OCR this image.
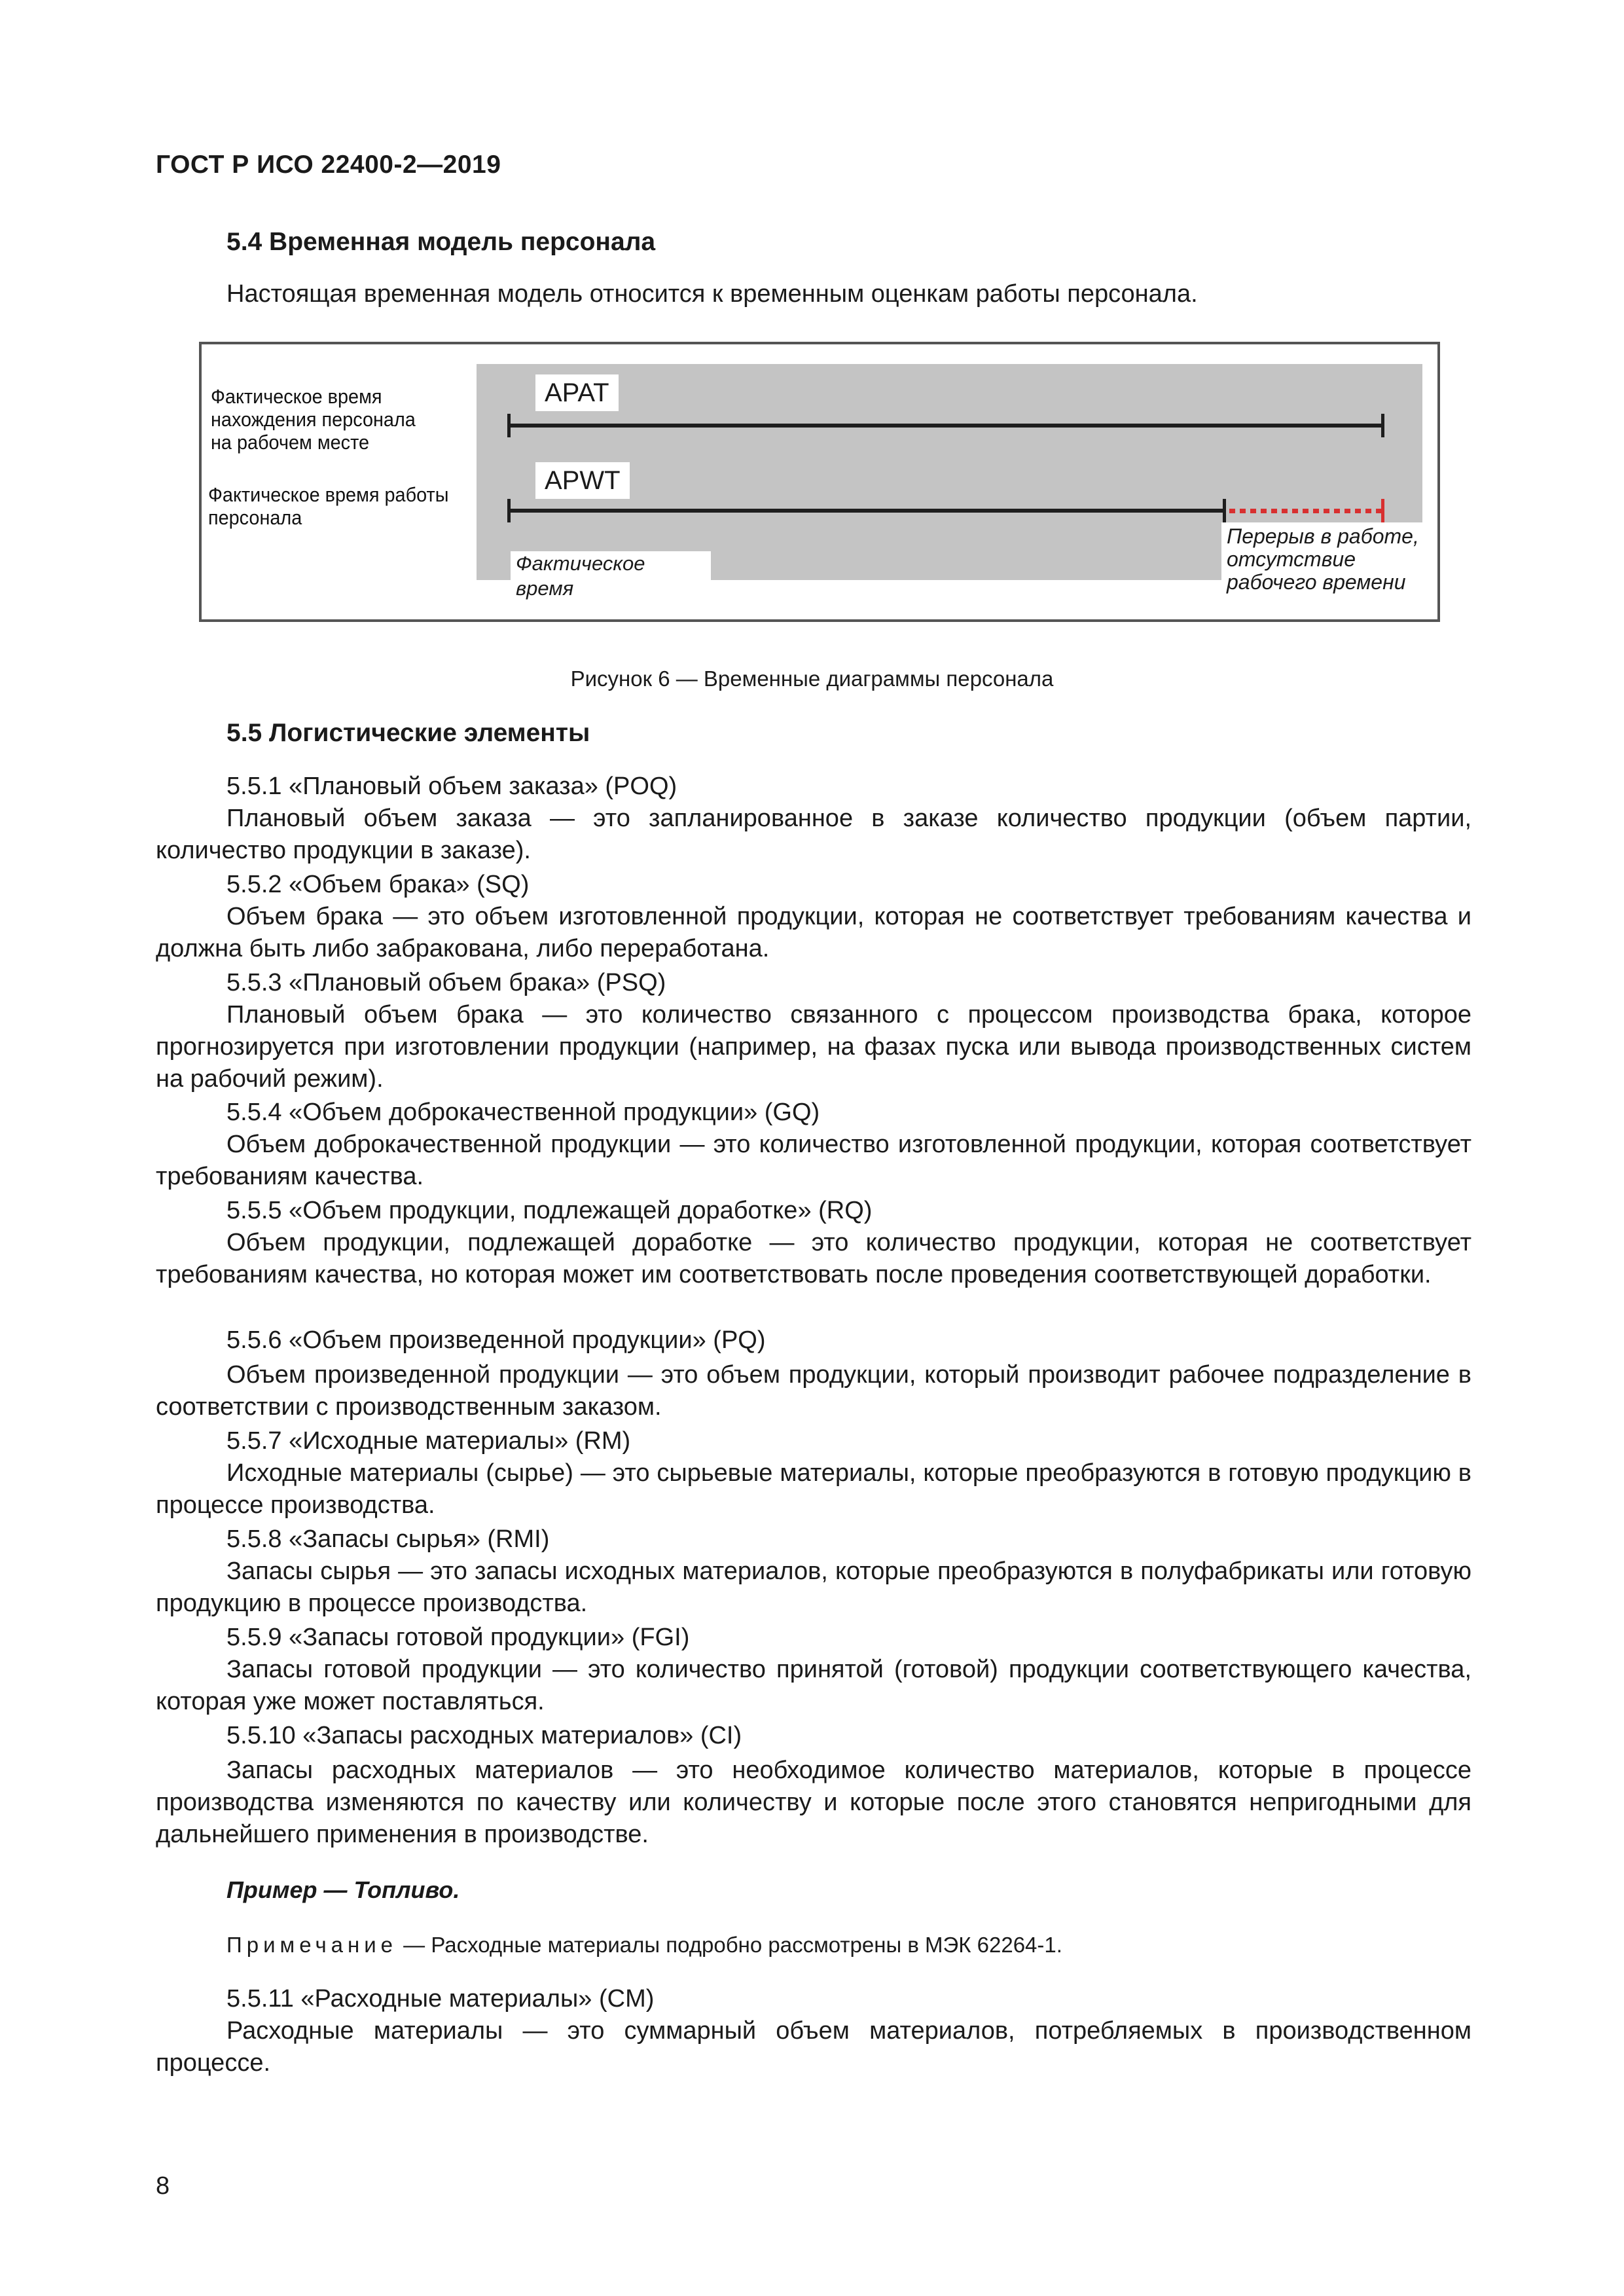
ГОСТ Р ИСО 22400-2—2019
5.4 Временная модель персонала
Настоящая временная модель относится к временным оценкам работы персонала.
Фактическое время
нахождения персонала
на рабочем месте
Фактическое время работы
персонала
APAT
APWT
Фактическое время
Перерыв в работе,
отсутствие
рабочего времени
Рисунок 6 — Временные диаграммы персонала
5.5 Логистические элементы
5.5.1 «Плановый объем заказа» (POQ)

Плановый объем заказа — это запланированное в заказе количество продукции (объем партии, количество продукции в заказе).

5.5.2 «Объем брака» (SQ)

Объем брака — это объем изготовленной продукции, которая не соответствует требованиям качества и должна быть либо забракована, либо переработана.

5.5.3 «Плановый объем брака» (PSQ)

Плановый объем брака — это количество связанного с процессом производства брака, которое прогнозируется при изготовлении продукции (например, на фазах пуска или вывода производственных систем на рабочий режим).

5.5.4 «Объем доброкачественной продукции» (GQ)

Объем доброкачественной продукции — это количество изготовленной продукции, которая соответствует требованиям качества.

5.5.5 «Объем продукции, подлежащей доработке» (RQ)

Объем продукции, подлежащей доработке — это количество продукции, которая не соответствует требованиям качества, но которая может им соответствовать после проведения соответствующей доработки.

5.5.6 «Объем произведенной продукции» (PQ)

Объем произведенной продукции — это объем продукции, который производит рабочее подразделение в соответствии с производственным заказом.

5.5.7 «Исходные материалы» (RM)

Исходные материалы (сырье) — это сырьевые материалы, которые преобразуются в готовую продукцию в процессе производства.

5.5.8 «Запасы сырья» (RMI)

Запасы сырья — это запасы исходных материалов, которые преобразуются в полуфабрикаты или готовую продукцию в процессе производства.

5.5.9 «Запасы готовой продукции» (FGI)

Запасы готовой продукции — это количество принятой (готовой) продукции соответствующего качества, которая уже может поставляться.

5.5.10 «Запасы расходных материалов» (CI)

Запасы расходных материалов — это необходимое количество материалов, которые в процессе производства изменяются по качеству или количеству и которые после этого становятся непригодными для дальнейшего применения в производстве.

Пример — Топливо.
Примечание — Расходные материалы подробно рассмотрены в МЭК 62264-1.
5.5.11 «Расходные материалы» (CM)

Расходные материалы — это суммарный объем материалов, потребляемых в производственном процессе.

8
